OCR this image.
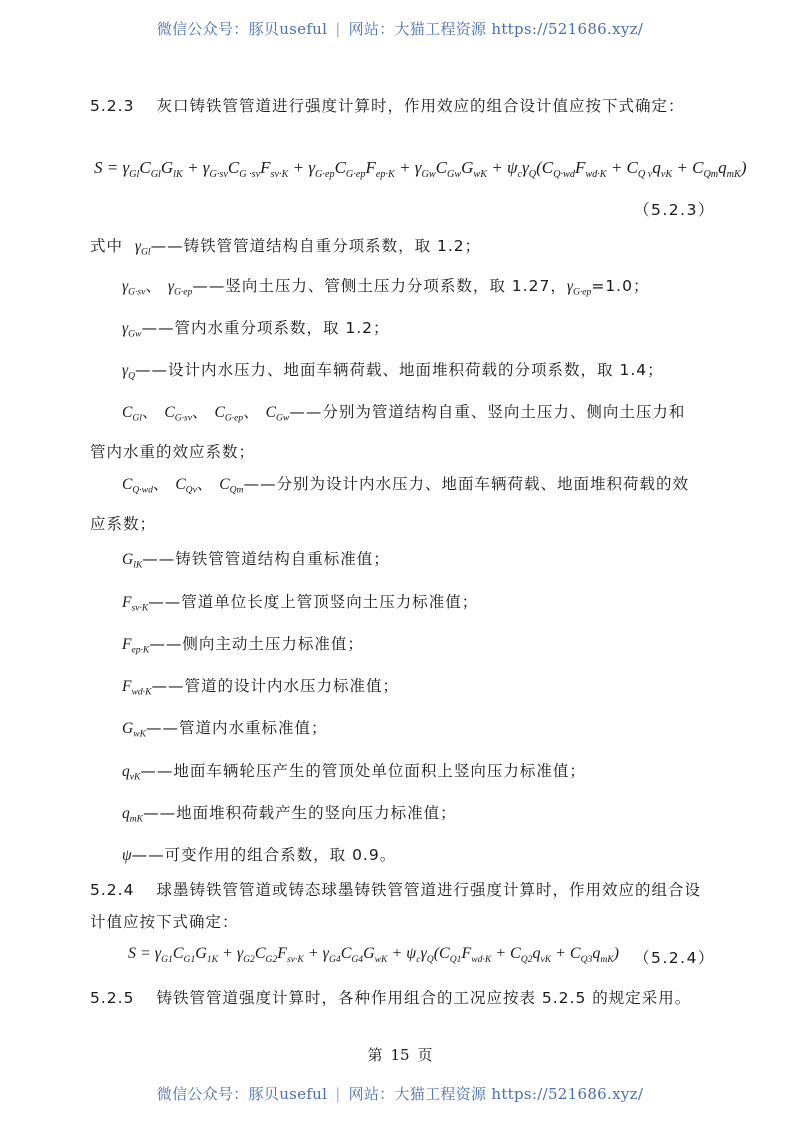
微信公众号：豚贝useful | 网站：大猫工程资源 https://521686.xyz/
5.2.3 灰口铸铁管管道进行强度计算时，作用效应的组合设计值应按下式确定：
$S = \gamma_{Gl}C_{Gl}G_{lK} + \gamma_{G\cdot sv}C_{G \cdot sv}F_{sv\cdot K} + \gamma_{G\cdot ep}C_{G\cdot ep}F_{ep\cdot K} + \gamma_{Gw}C_{Gw}G_{wK} + \psi_c\gamma_Q(C_{Q\cdot wd}F_{wd\cdot K} + C_{Q v}q_{vK} + C_{Qm}q_{mK})$
（5.2.3）
式中 $\gamma_{Gl}——$铸铁管管道结构自重分项系数，取 1.2；
$\gamma_{G\cdot sv}$、 $\gamma_{G\cdot ep}——$竖向土压力、管侧土压力分项系数，取 1.27，$\gamma_{G\cdot ep}=1.0$；
$\gamma_{Gw}——$管内水重分项系数，取 1.2；
$\gamma_Q——$设计内水压力、地面车辆荷载、地面堆积荷载的分项系数，取 1.4；
$C_{Gl}$、 $C_{G\cdot sv}$、 $C_{G\cdot ep}$、 $C_{Gw}——$分别为管道结构自重、竖向土压力、侧向土压力和
管内水重的效应系数；
$C_{Q\cdot wd}$、 $C_{Qv}$、 $C_{Qm}——$分别为设计内水压力、地面车辆荷载、地面堆积荷载的效
应系数；
$G_{lK}——$铸铁管管道结构自重标准值；
$F_{sv\cdot K}——$管道单位长度上管顶竖向土压力标准值；
$F_{ep\cdot K}——$侧向主动土压力标准值；
$F_{wd\cdot K}——$管道的设计内水压力标准值；
$G_{wK}——$管道内水重标准值；
$q_{vK}——$地面车辆轮压产生的管顶处单位面积上竖向压力标准值；
$q_{mK}——$地面堆积荷载产生的竖向压力标准值；
ψ——可变作用的组合系数，取 0.9。
5.2.4 球墨铸铁管管道或铸态球墨铸铁管管道进行强度计算时，作用效应的组合设
计值应按下式确定：
$S = \gamma_{G1}C_{G1}G_{1K} + \gamma_{G2}C_{G2}F_{sv\cdot K} + \gamma_{G4}C_{G4}G_{wK} + \psi_c\gamma_Q(C_{Q1}F_{wd\cdot K} + C_{Q2}q_{vK} + C_{Q3}q_{mK})$ （5.2.4）
5.2.5 铸铁管管道强度计算时，各种作用组合的工况应按表 5.2.5 的规定采用。
第 15 页
微信公众号：豚贝useful | 网站：大猫工程资源 https://521686.xyz/
